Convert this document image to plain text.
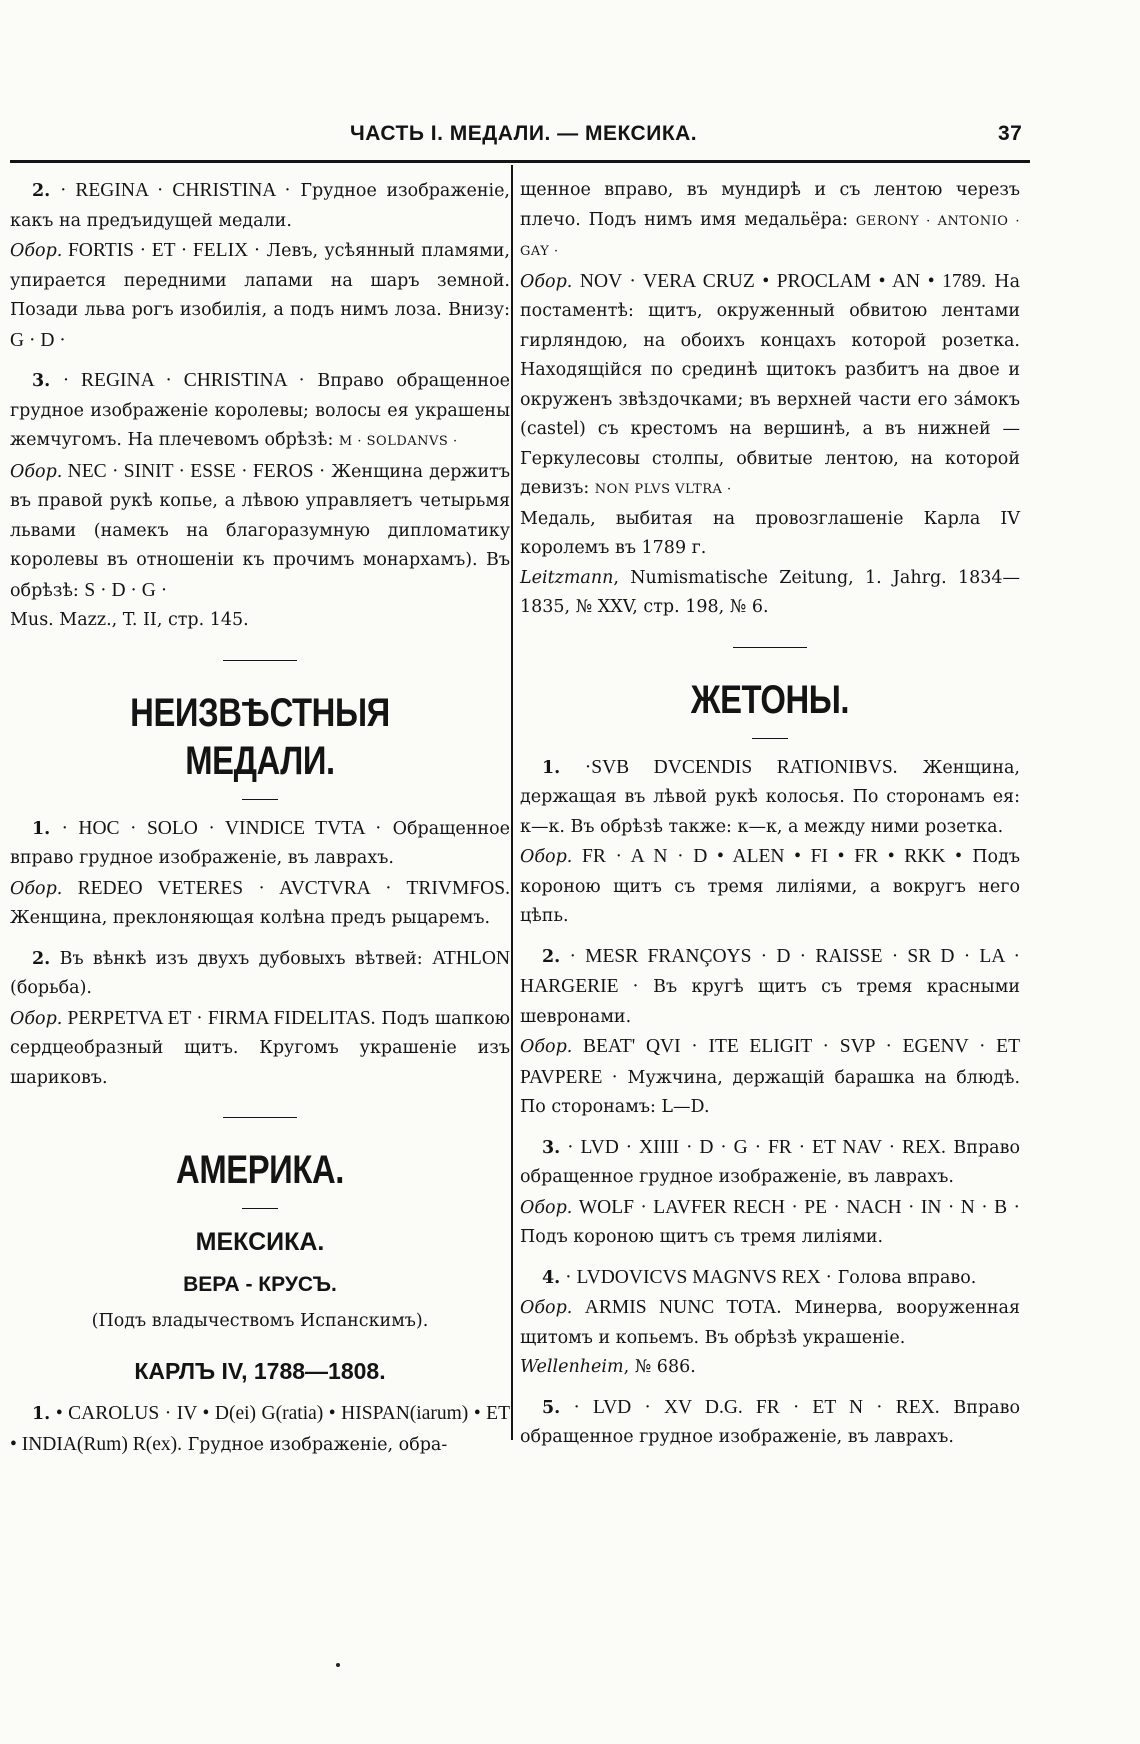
ЧАСТЬ I. МЕДАЛИ. — МЕКСИКА.	37

2. · REGINA · CHRISTINA · Грудное изображеніе, какъ на предъидущей медали.
Обор. FORTIS · ET · FELIX · Левъ, усѣянный пламями, упирается передними лапами на шаръ земной. Позади льва рогъ изобилія, а подъ нимъ лоза. Внизу: G · D ·

3. · REGINA · CHRISTINA · Вправо обращенное грудное изображеніе королевы; волосы ея украшены жемчугомъ. На плечевомъ обрѣзѣ: M · SOLDANVS ·
Обор. NEC · SINIT · ESSE · FEROS · Женщина держитъ въ правой рукѣ копье, а лѣвою управляетъ четырьмя львами (намекъ на благоразумную дипломатику королевы въ отношеніи къ прочимъ монархамъ). Въ обрѣзѣ: S · D · G ·
Mus. Mazz., T. II, стр. 145.

НЕИЗВѢСТНЫЯ МЕДАЛИ.

1. · HOC · SOLO · VINDICE TVTA · Обращенное вправо грудное изображеніе, въ лаврахъ.
Обор. REDEO VETERES · AVCTVRA · TRIVMFOS. Женщина, преклоняющая колѣна предъ рыцаремъ.

2. Въ вѣнкѣ изъ двухъ дубовыхъ вѣтвей: ATHLON (борьба).
Обор. PERPETVA ET · FIRMA FIDELITAS. Подъ шапкою сердцеобразный щитъ. Кругомъ украшеніе изъ шариковъ.

АМЕРИКА.
МЕКСИКА.
ВЕРА - КРУСЪ.
(Подъ владычествомъ Испанскимъ).
КАРЛЪ IV, 1788—1808.

1. • CAROLUS · IV • D(ei) G(ratia) • HISPAN(iarum) • ET • INDIA(Rum) R(ex). Грудное изображеніе, обра-

щенное вправо, въ мундирѣ и съ лентою черезъ плечо. Подъ нимъ имя медальёра: GERONY · ANTONIO · GAY ·
Обор. NOV · VERA CRUZ • PROCLAM • AN • 1789. На постаментѣ: щитъ, окруженный обвитою лентами гирляндою, на обоихъ концахъ которой розетка. Находящійся по срединѣ щитокъ разбитъ на двое и окруженъ звѣздочками; въ верхней части его за́мокъ (castel) съ крестомъ на вершинѣ, а въ нижней — Геркулесовы столпы, обвитые лентою, на которой девизъ: NON PLVS VLTRA ·
Медаль, выбитая на провозглашеніе Карла IV королемъ въ 1789 г.
Leitzmann, Numismatische Zeitung, 1. Jahrg. 1834—1835, № XXV, стр. 198, № 6.

ЖЕТОНЫ.

1. ·SVB DVCENDIS RATIONIBVS. Женщина, держащая въ лѣвой рукѣ колосья. По сторонамъ ея: к—к. Въ обрѣзѣ также: к—к, а между ними розетка.
Обор. FR · A N · D • ALEN • FI • FR • RKK • Подъ короною щитъ съ тремя лиліями, а вокругъ него цѣпь.

2. · MESR FRANÇOYS · D · RAISSE · SR D · LA · HARGERIE · Въ кругѣ щитъ съ тремя красными шевронами.
Обор. BEAT' QVI · ITE ELIGIT · SVP · EGENV · ET PAVPERE · Мужчина, держащій барашка на блюдѣ. По сторонамъ: L—D.

3. · LVD · XIIII · D · G · FR · ET NAV · REX. Вправо обращенное грудное изображеніе, въ лаврахъ.
Обор. WOLF · LAVFER RECH · PE · NACH · IN · N · B · Подъ короною щитъ съ тремя лиліями.

4. · LVDOVICVS MAGNVS REX · Голова вправо.
Обор. ARMIS NUNC TOTA. Минерва, вооруженная щитомъ и копьемъ. Въ обрѣзѣ украшеніе.
Wellenheim, № 686.

5. · LVD · XV D.G. FR · ET N · REX. Вправо обращенное грудное изображеніе, въ лаврахъ.
